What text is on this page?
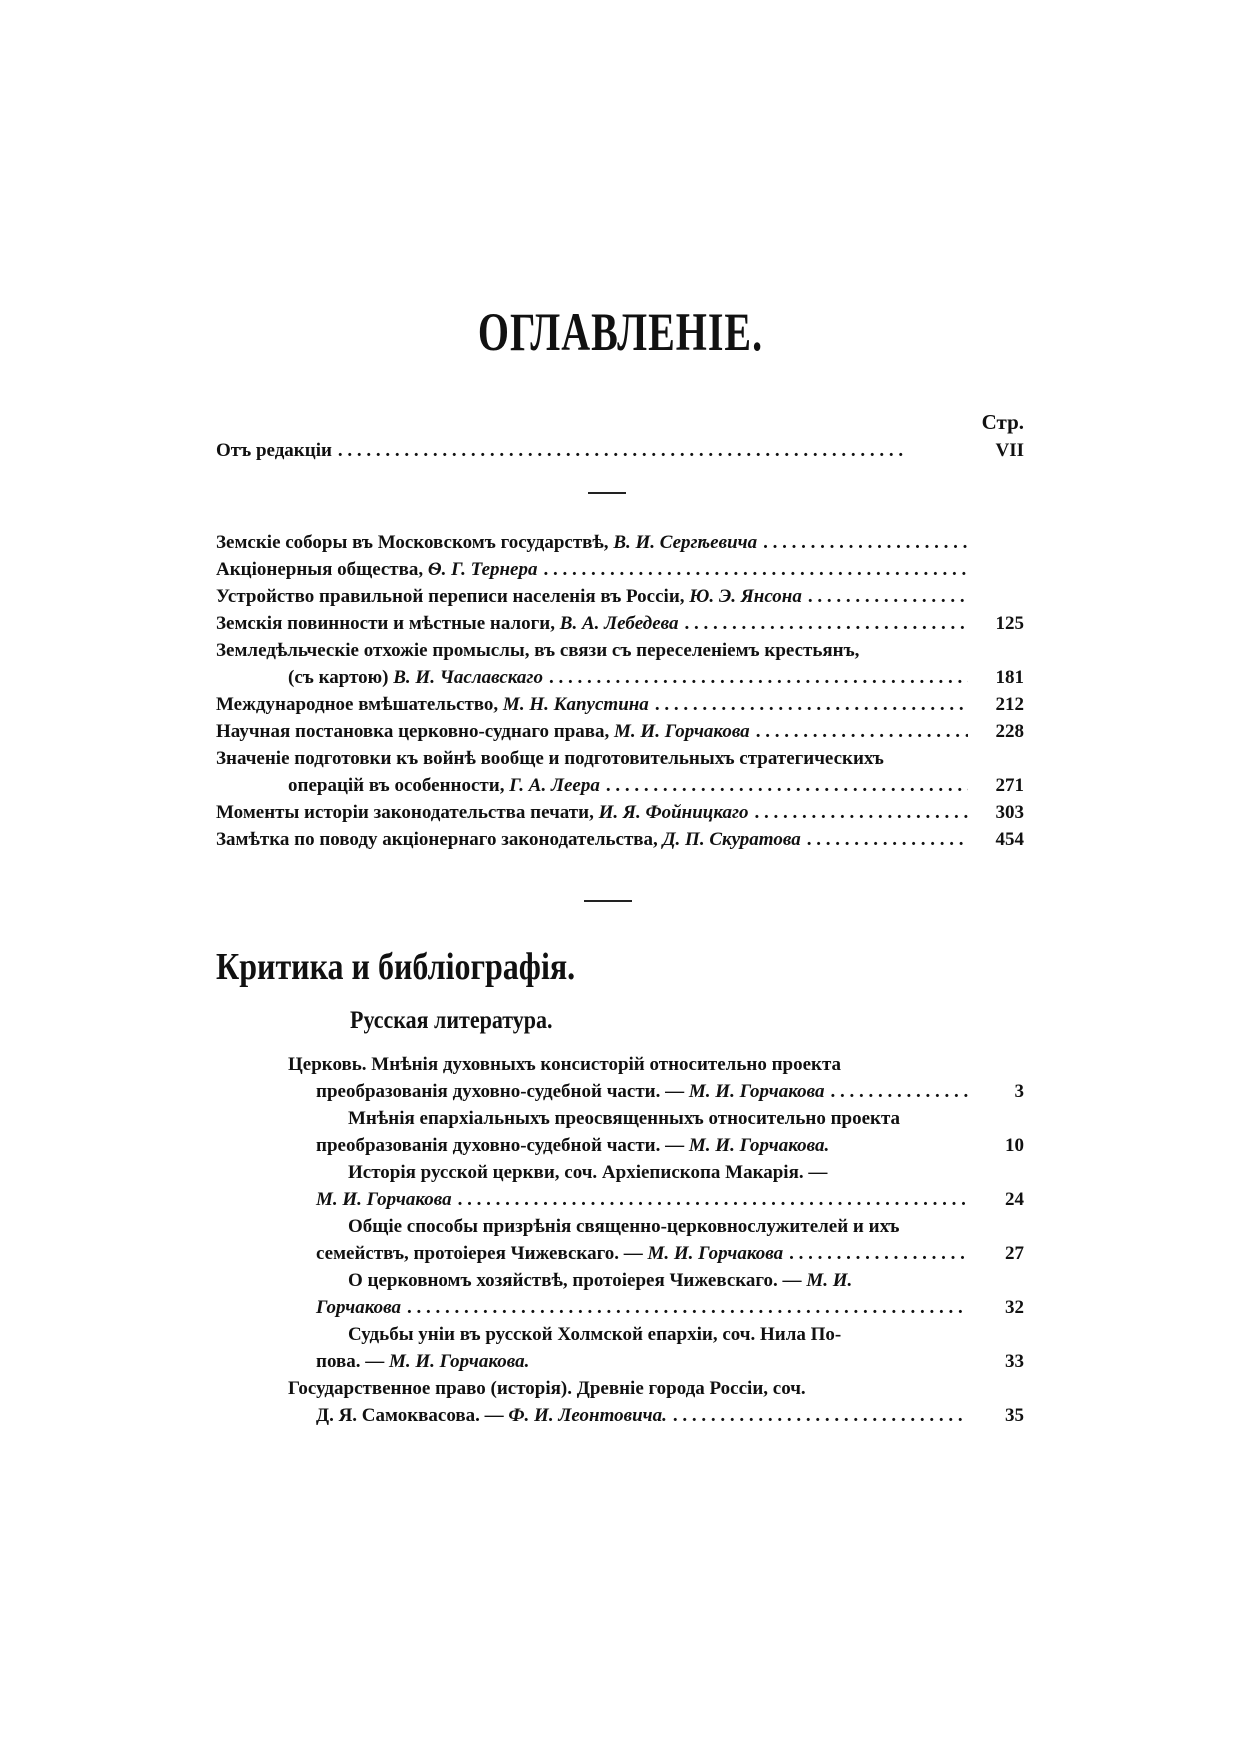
ОГЛАВЛЕНІЕ.
Стр.
Отъ редакціи . . .	VII
Земскіе соборы въ Московскомъ государствѣ, В. И. Сергѣевича
. . .
Акціонерныя общества, Ѳ. Г. Тернера
. . .
Устройство правильной переписи населенія въ Россіи, Ю. Э. Янсона
. . .
Земскія повинности и мѣстные налоги, В. А. Лебедева . . .	125
Земледѣльческіе отхожіе промыслы, въ связи съ переселеніемъ крестьянъ,
(съ картою) В. И. Чаславскаго . . .	181
Международное вмѣшательство, М. Н. Капустина . . .	212
Научная постановка церковно-суднаго права, М. И. Горчакова . . .	228
Значеніе подготовки къ войнѣ вообще и подготовительныхъ стратегическихъ
операцій въ особенности, Г. А. Леера . . .	271
Моменты исторіи законодательства печати, И. Я. Фойницкаго . . .	303
Замѣтка по поводу акціонернаго законодательства, Д. П. Скуратова . . .	454
Критика и библіографія.
Русская литература.
Церковь. Мнѣнія духовныхъ консисторій относительно проекта
преобразованія духовно-судебной части. — М. И. Горчакова . . .	3
Мнѣнія епархіальныхъ преосвященныхъ относительно проекта
преобразованія духовно-судебной части. — М. И. Горчакова.	10
Исторія русской церкви, соч. Архіепископа Макарія. —
М. И. Горчакова . . .	24
Общіе способы призрѣнія священно-церковнослужителей и ихъ
семействъ, протоіерея Чижевскаго. — М. И. Горчакова . . .	27
О церковномъ хозяйствѣ, протоіерея Чижевскаго. — М. И.
Горчакова . . .	32
Судьбы уніи въ русской Холмской епархіи, соч. Нила По-
пова. — М. И. Горчакова.	33
Государственное право (исторія). Древніе города Россіи, соч.
Д. Я. Самоквасова. — Ф. И. Леонтовича. . . .	35
